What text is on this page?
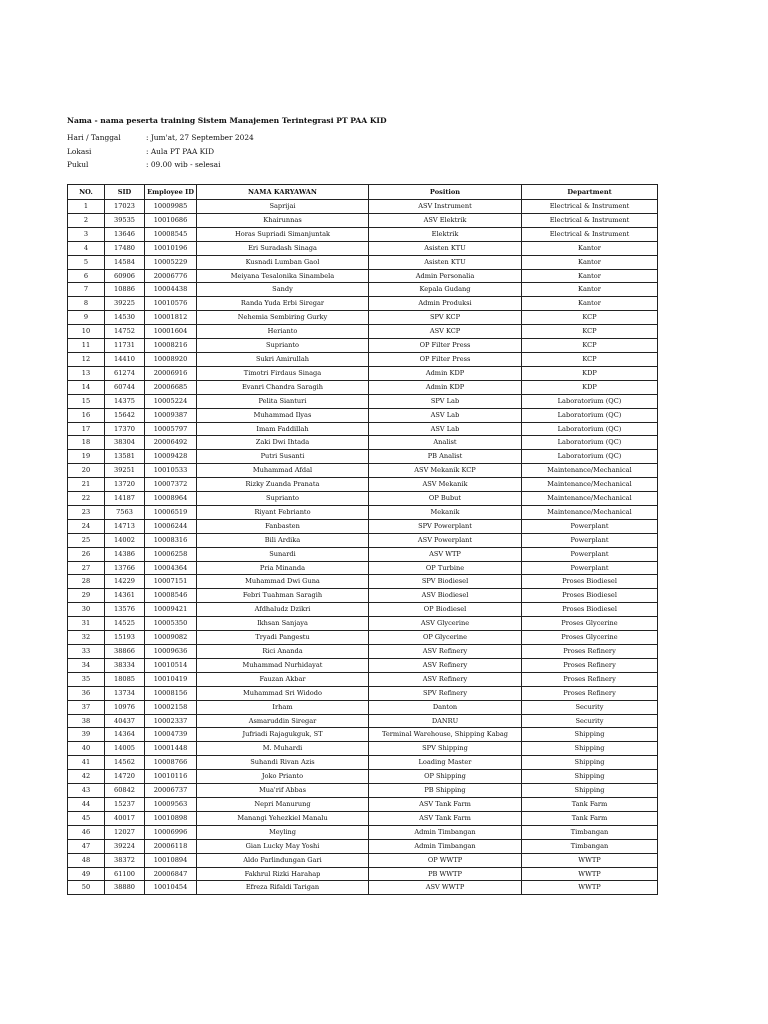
Nama - nama peserta training Sistem Manajemen Terintegrasi PT PAA KID
Hari / Tanggal	: Jum'at, 27 September 2024
Lokasi	: Aula PT PAA KID
Pukul	: 09.00 wib - selesai
NO.	SID	Employee ID	NAMA KARYAWAN	Position	Department
1	17023	10009985	Saprijai	ASV Instrument	Electrical & Instrument
2	39535	10010686	Khairunnas	ASV Elektrik	Electrical & Instrument
3	13646	10008545	Horas Supriadi Simanjuntak	Elektrik	Electrical & Instrument
4	17480	10010196	Eri Suradash Sinaga	Asisten KTU	Kantor
5	14584	10005229	Kusnadi Lumban Gaol	Asisten KTU	Kantor
6	60906	20006776	Meiyana Tesalonika Sinambela	Admin Personalia	Kantor
7	10886	10004438	Sandy	Kepala Gudang	Kantor
8	39225	10010576	Randa Yuda Erbi Siregar	Admin Produksi	Kantor
9	14530	10001812	Nehemia Sembiring Gurky	SPV KCP	KCP
10	14752	10001604	Herianto	ASV KCP	KCP
11	11731	10008216	Suprianto	OP Filter Press	KCP
12	14410	10008920	Sukri Amirullah	OP Filter Press	KCP
13	61274	20006916	Timotri Firdaus Sinaga	Admin KDP	KDP
14	60744	20006685	Evanri Chandra Saragih	Admin KDP	KDP
15	14375	10005224	Pelita Sianturi	SPV Lab	Laboratorium (QC)
16	15642	10009387	Muhammad Ilyas	ASV Lab	Laboratorium (QC)
17	17370	10005797	Imam Faddillah	ASV Lab	Laboratorium (QC)
18	38304	20006492	Zaki Dwi Ihtada	Analist	Laboratorium (QC)
19	13581	10009428	Putri Susanti	PB Analist	Laboratorium (QC)
20	39251	10010533	Muhammad Afdal	ASV Mekanik KCP	Maintenance/Mechanical
21	13720	10007372	Rizky Zuanda Pranata	ASV Mekanik	Maintenance/Mechanical
22	14187	10008964	Suprianto	OP Bubut	Maintenance/Mechanical
23	7563	10006519	Riyant Febrianto	Mekanik	Maintenance/Mechanical
24	14713	10006244	Fanbasten	SPV Powerplant	Powerplant
25	14002	10008316	Bili Ardika	ASV Powerplant	Powerplant
26	14386	10006258	Sunardi	ASV WTP	Powerplant
27	13766	10004364	Pria Minanda	OP Turbine	Powerplant
28	14229	10007151	Muhammad Dwi Guna	SPV Biodiesel	Proses Biodiesel
29	14361	10008546	Febri Tuahman Saragih	ASV Biodiesel	Proses Biodiesel
30	13576	10009421	Afdhaludz Dzikri	OP Biodiesel	Proses Biodiesel
31	14525	10005350	Ikhsan Sanjaya	ASV Glycerine	Proses Glycerine
32	15193	10009082	Tryadi Pangestu	OP Glycerine	Proses Glycerine
33	38866	10009636	Rici Ananda	ASV Refinery	Proses Refinery
34	38334	10010514	Muhammad Nurhidayat	ASV Refinery	Proses Refinery
35	18085	10010419	Fauzan Akbar	ASV Refinery	Proses Refinery
36	13734	10008156	Muhammad Sri Widodo	SPV Refinery	Proses Refinery
37	10976	10002158	Irham	Danton	Security
38	40437	10002337	Asmaruddin Siregar	DANRU	Security
39	14364	10004739	Jufriadi Rajagukguk, ST	Terminal Warehouse, Shipping Kabag	Shipping
40	14005	10001448	M. Muhardi	SPV Shipping	Shipping
41	14562	10008766	Suhandi Rivan Azis	Loading Master	Shipping
42	14720	10010116	Joko Prianto	OP Shipping	Shipping
43	60842	20006737	Mua'rif Abbas	PB Shipping	Shipping
44	15237	10009563	Nepri Manurung	ASV Tank Farm	Tank Farm
45	40017	10010898	Manangi Yehezkiel Manalu	ASV Tank Farm	Tank Farm
46	12027	10006996	Meyling	Admin Timbangan	Timbangan
47	39224	20006118	Gian Lucky May Yoshi	Admin Timbangan	Timbangan
48	38372	10010894	Aldo Parlindungan Gari	OP WWTP	WWTP
49	61100	20006847	Fakhrul Rizki Harahap	PB WWTP	WWTP
50	38880	10010454	Efreza Rifaldi Tarigan	ASV WWTP	WWTP
